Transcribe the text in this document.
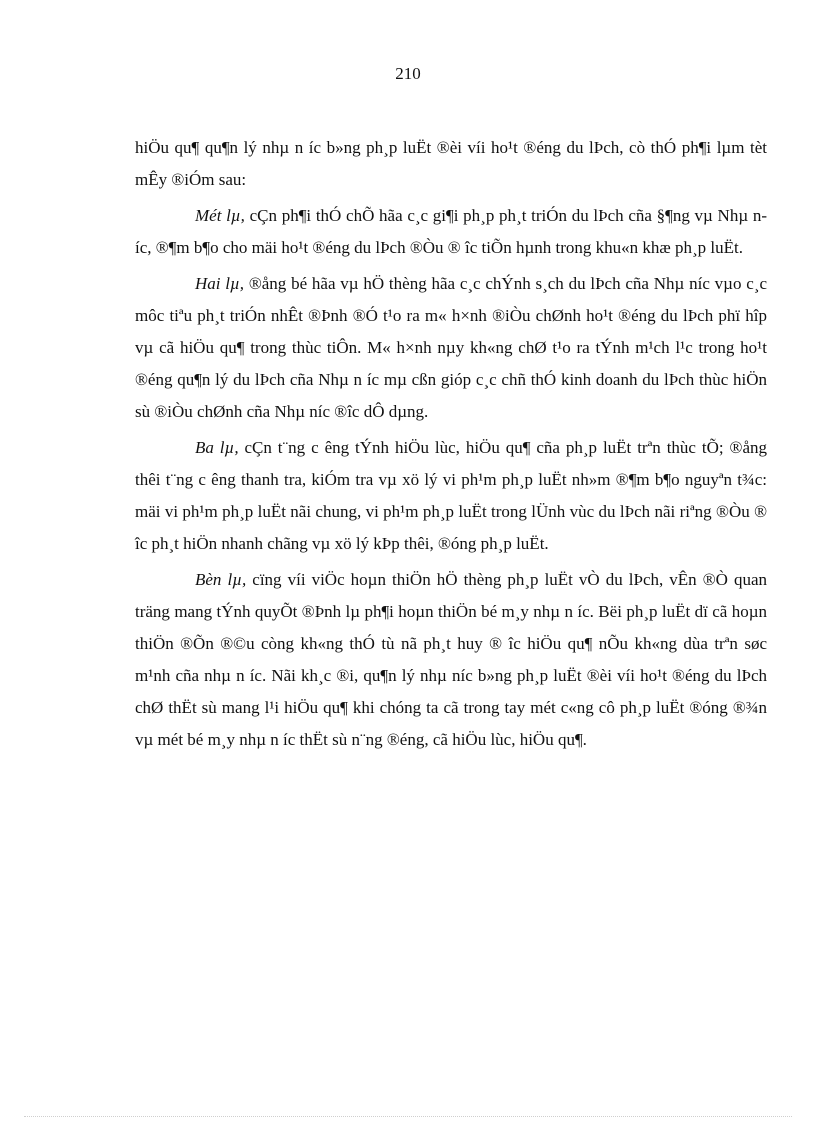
210

hiÖu qu¶ qu¶n lý nhµ n íc b»ng ph¸p luËt ®èi víi ho¹t ®éng du lÞch, cò thÓ ph¶i lµm tèt mÊy ®iÓm sau:

Mét lµ, cÇn ph¶i thÓ chÕ hãa c¸c gi¶i ph¸p ph¸t triÓn du lÞch cña §¶ng vµ Nhµ níc, ®¶m b¶o cho mäi ho¹t ®éng du lÞch ®Òu ® îc tiÕn hµnh trong khu«n khæ ph¸p luËt.

Hai lµ, ®ång bé hãa vµ hÖ thèng hãa c¸c chÝnh s¸ch du lÞch cña Nhµ níc vµo c¸c môc tiªu ph¸t triÓn nhÊt ®Þnh ®Ó t¹o ra m« h×nh ®iÒu chØnh ho¹t ®éng du lÞch phï hîp vµ cã hiÖu qu¶ trong thùc tiÔn. M« h×nh nµy kh«ng chØ t¹o ra tÝnh m¹ch l¹c trong ho¹t ®éng qu¶n lý du lÞch cña Nhµ n íc mµ cßn gióp c¸c chñ thÓ kinh doanh du lÞch thùc hiÖn sù ®iÒu chØnh cña Nhµ níc ®îc dÔ dµng.

Ba lµ, cÇn t¨ng c êng tÝnh hiÖu lùc, hiÖu qu¶ cña ph¸p luËt trªn thùc tÕ; ®ång thêi t¨ng c êng thanh tra, kiÓm tra vµ xö lý vi ph¹m ph¸p luËt nh»m ®¶m b¶o nguyªn t¾c: mäi vi ph¹m ph¸p luËt nãi chung, vi ph¹m ph¸p luËt trong lÜnh vùc du lÞch nãi riªng ®Òu ® îc ph¸t hiÖn nhanh chãng vµ xö lý kÞp thêi, ®óng ph¸p luËt.

Bèn lµ, cïng víi viÖc hoµn thiÖn hÖ thèng ph¸p luËt vÒ du lÞch, vÊn ®Ò quan träng mang tÝnh quyÕt ®Þnh lµ ph¶i hoµn thiÖn bé m¸y nhµ n íc. Bëi ph¸p luËt dï cã hoµn thiÖn ®Õn ®©u còng kh«ng thÓ tù nã ph¸t huy ® îc hiÖu qu¶ nÕu kh«ng dùa trªn søc m¹nh cña nhµ n íc. Nãi kh¸c ®i, qu¶n lý nhµ níc b»ng ph¸p luËt ®èi víi ho¹t ®éng du lÞch chØ thËt sù mang l¹i hiÖu qu¶ khi chóng ta cã trong tay mét c«ng cô ph¸p luËt ®óng ®¾n vµ mét bé m¸y nhµ n íc thËt sù n¨ng ®éng, cã hiÖu lùc, hiÖu qu¶.
